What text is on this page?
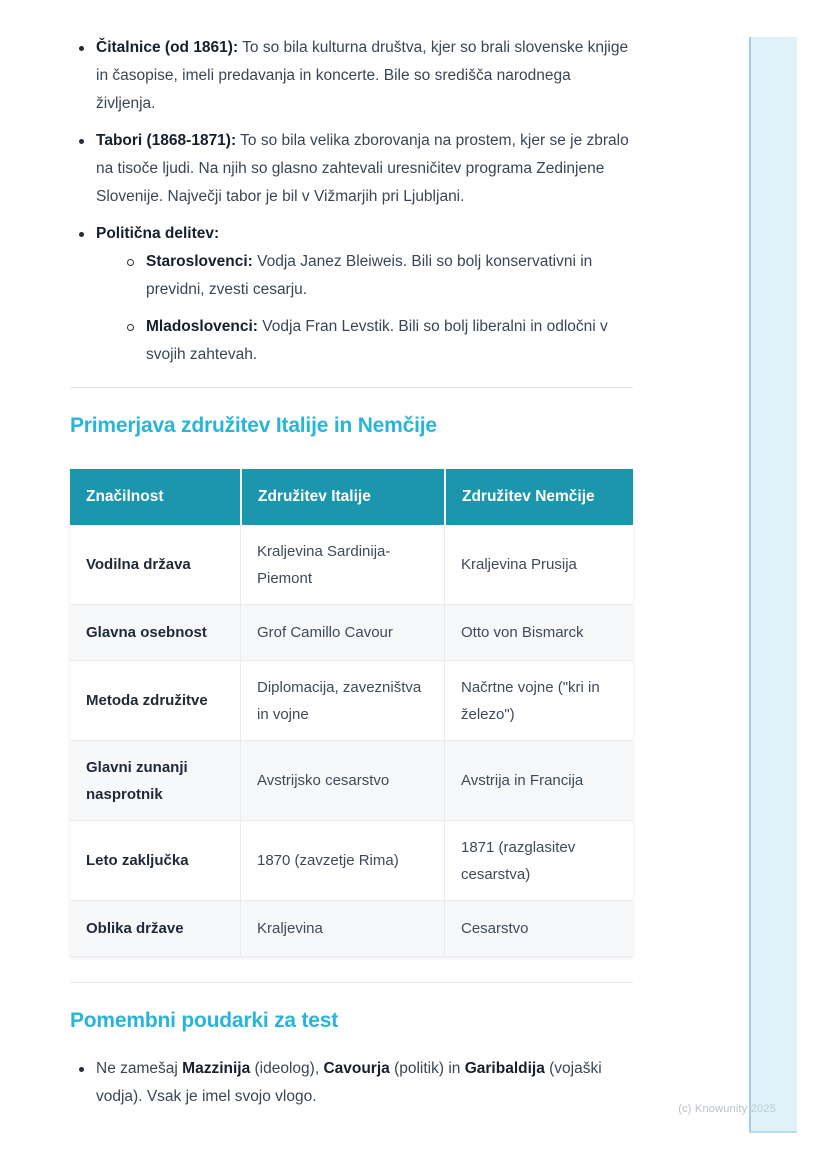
Čitalnice (od 1861): To so bila kulturna društva, kjer so brali slovenske knjige in časopise, imeli predavanja in koncerte. Bile so središča narodnega življenja.
Tabori (1868-1871): To so bila velika zborovanja na prostem, kjer se je zbralo na tisoče ljudi. Na njih so glasno zahtevali uresničitev programa Zedinjene Slovenije. Največji tabor je bil v Vižmarjih pri Ljubljani.
Politična delitev:
Staroslovenci: Vodja Janez Bleiweis. Bili so bolj konservativni in previdni, zvesti cesarju.
Mladoslovenci: Vodja Fran Levstik. Bili so bolj liberalni in odločni v svojih zahtevah.
Primerjava združitev Italije in Nemčije
Značilnost	Združitev Italije	Združitev Nemčije
Vodilna država	Kraljevina Sardinija-Piemont	Kraljevina Prusija
Glavna osebnost	Grof Camillo Cavour	Otto von Bismarck
Metoda združitve	Diplomacija, zavezništva in vojne	Načrtne vojne ("kri in železo")
Glavni zunanji nasprotnik	Avstrijsko cesarstvo	Avstrija in Francija
Leto zaključka	1870 (zavzetje Rima)	1871 (razglasitev cesarstva)
Oblika države	Kraljevina	Cesarstvo
Pomembni poudarki za test
Ne zamešaj Mazzinija (ideolog), Cavourja (politik) in Garibaldija (vojaški vodja). Vsak je imel svojo vlogo.
(c) Knowunity 2025
